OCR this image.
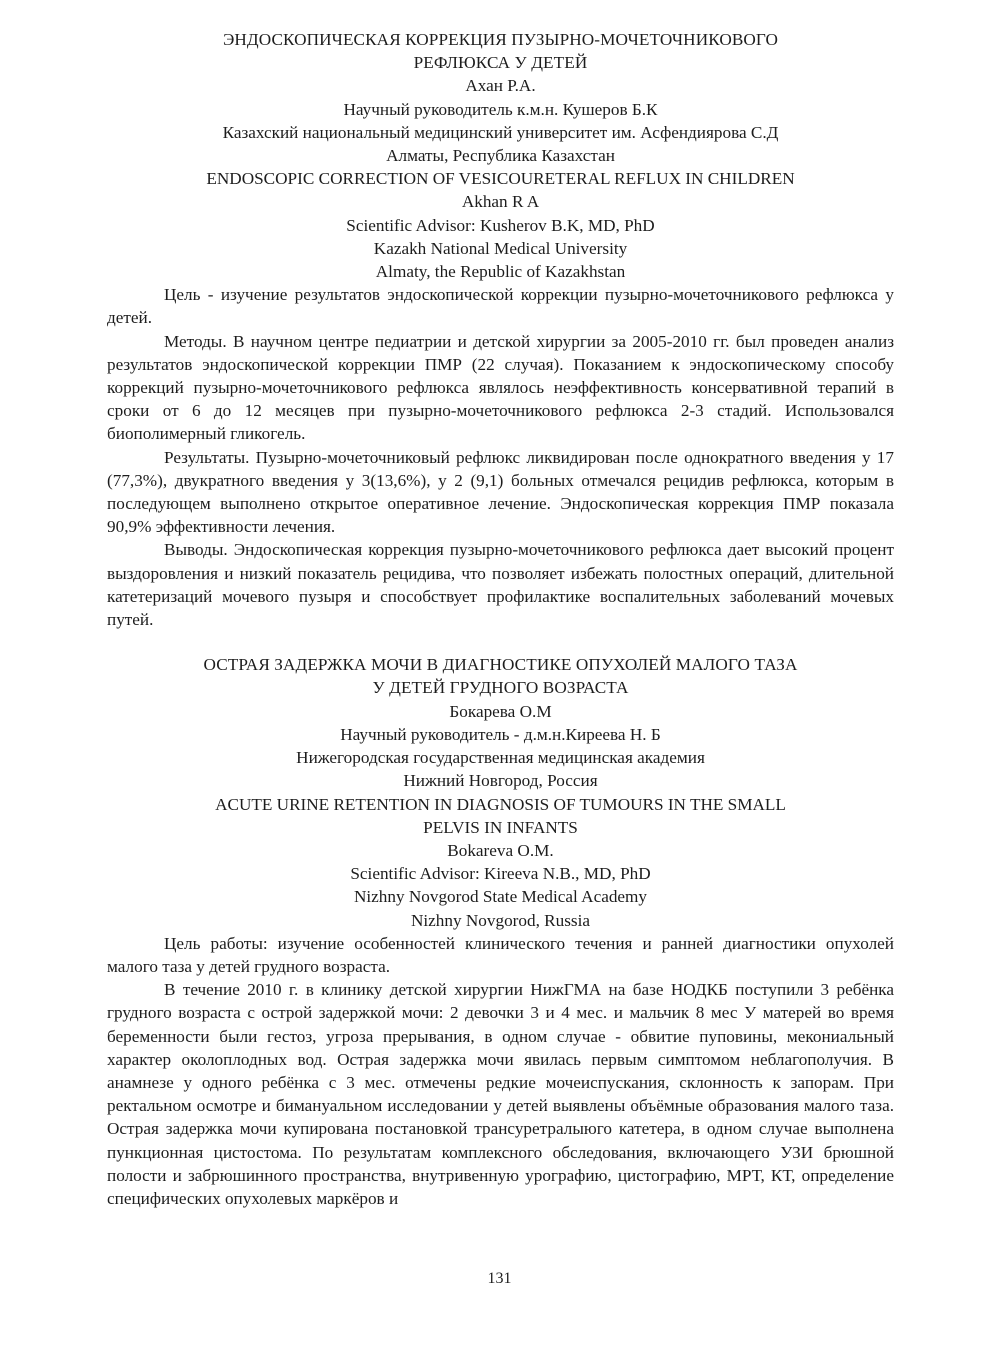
ЭНДОСКОПИЧЕСКАЯ КОРРЕКЦИЯ ПУЗЫРНО-МОЧЕТОЧНИКОВОГО
РЕФЛЮКСА У ДЕТЕЙ
Ахан Р.А.
Научный руководитель к.м.н. Кушеров Б.К
Казахский национальный медицинский университет им. Асфендиярова С.Д
Алматы, Республика Казахстан
ENDOSCOPIC CORRECTION OF VESICOURETERAL REFLUX IN CHILDREN
Akhan R A
Scientific Advisor: Kusherov B.K, MD, PhD
Kazakh National Medical University
Almaty, the Republic of Kazakhstan

Цель - изучение результатов эндоскопической коррекции пузырно-мочеточникового рефлюкса у детей.

Методы. В научном центре педиатрии и детской хирургии за 2005-2010 гг. был проведен анализ результатов эндоскопической коррекции ПМР (22 случая). Показанием к эндоскопическому способу коррекций пузырно-мочеточникового рефлюкса являлось неэффективность консервативной терапий в сроки от 6 до 12 месяцев при пузырно-мочеточникового рефлюкса 2-3 стадий. Использовался биополимерный гликогель.

Результаты. Пузырно-мочеточниковый рефлюкс ликвидирован после однократного введения у 17 (77,3%), двукратного введения у 3(13,6%), у 2 (9,1) больных отмечался рецидив рефлюкса, которым в последующем выполнено открытое оперативное лечение. Эндоскопическая коррекция ПМР показала 90,9% эффективности лечения.

Выводы. Эндоскопическая коррекция пузырно-мочеточникового рефлюкса дает высокий процент выздоровления и низкий показатель рецидива, что позволяет избежать полостных операций, длительной катетеризаций мочевого пузыря и способствует профилактике воспалительных заболеваний мочевых путей.

ОСТРАЯ ЗАДЕРЖКА МОЧИ В ДИАГНОСТИКЕ ОПУХОЛЕЙ МАЛОГО ТАЗА
У ДЕТЕЙ ГРУДНОГО ВОЗРАСТА
Бокарева О.М
Научный руководитель - д.м.н.Киреева Н. Б
Нижегородская государственная медицинская академия
Нижний Новгород, Россия
ACUTE URINE RETENTION IN DIAGNOSIS OF TUMOURS IN THE SMALL
PELVIS IN INFANTS
Bokareva O.M.
Scientific Advisor: Kireeva N.B., MD, PhD
Nizhny Novgorod State Medical Academy
Nizhny Novgorod, Russia

Цель работы: изучение особенностей клинического течения и ранней диагностики опухолей малого таза у детей грудного возраста.

В течение 2010 г. в клинику детской хирургии НижГМА на базе НОДКБ поступили 3 ребёнка грудного возраста с острой задержкой мочи: 2 девочки 3 и 4 мес. и мальчик 8 мес У матерей во время беременности были гестоз, угроза прерывания, в одном случае - обвитие пуповины, мекониальный характер околоплодных вод. Острая задержка мочи явилась первым симптомом неблагополучия. В анамнезе у одного ребёнка с 3 мес. отмечены редкие мочеиспускания, склонность к запорам. При ректальном осмотре и бимануальном исследовании у детей выявлены объёмные образования малого таза. Острая задержка мочи купирована постановкой трансуретралыюго катетера, в одном случае выполнена пункционная цистостома. По результатам комплексного обследования, включающего УЗИ брюшной полости и забрюшинного пространства, внутривенную урографию, цистографию, МРТ, КТ, определение специфических опухолевых маркёров и

131
